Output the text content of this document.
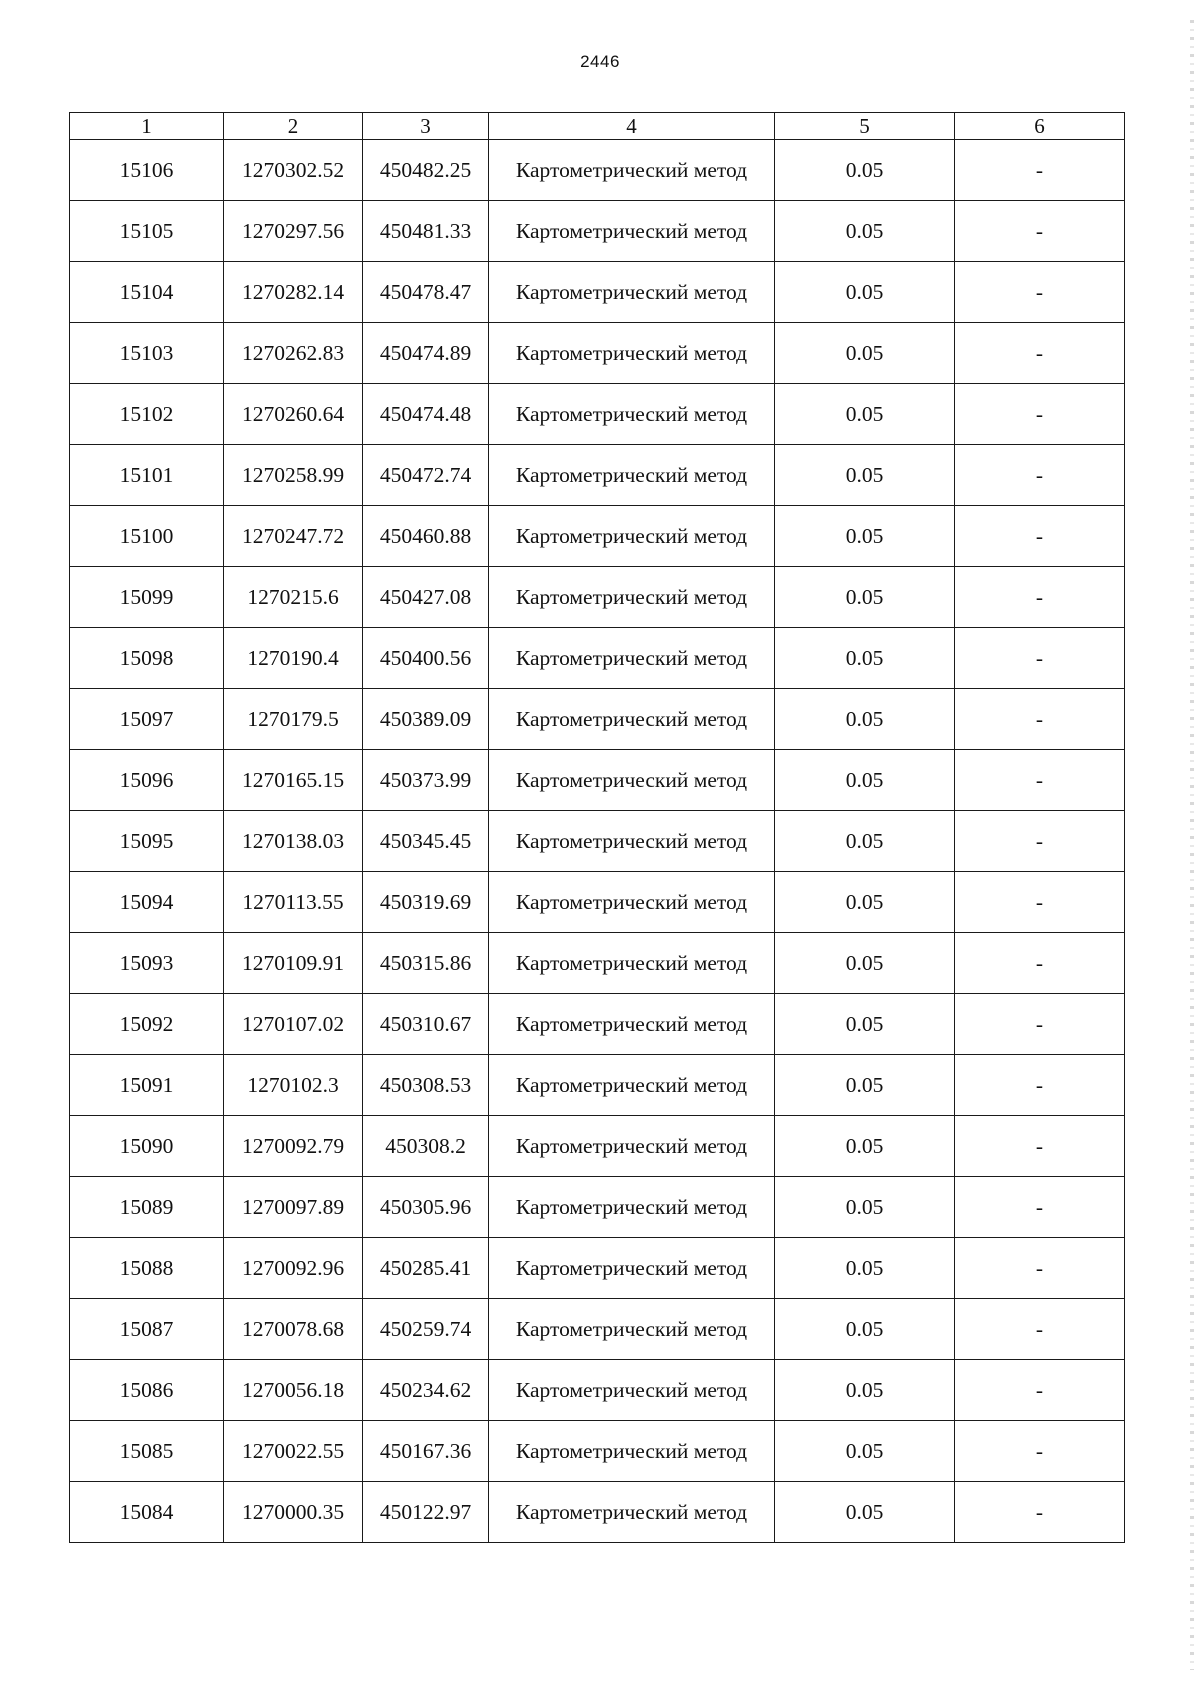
2446
1	2	3	4	5	6
15106	1270302.52	450482.25	Картометрический метод	0.05	-
15105	1270297.56	450481.33	Картометрический метод	0.05	-
15104	1270282.14	450478.47	Картометрический метод	0.05	-
15103	1270262.83	450474.89	Картометрический метод	0.05	-
15102	1270260.64	450474.48	Картометрический метод	0.05	-
15101	1270258.99	450472.74	Картометрический метод	0.05	-
15100	1270247.72	450460.88	Картометрический метод	0.05	-
15099	1270215.6	450427.08	Картометрический метод	0.05	-
15098	1270190.4	450400.56	Картометрический метод	0.05	-
15097	1270179.5	450389.09	Картометрический метод	0.05	-
15096	1270165.15	450373.99	Картометрический метод	0.05	-
15095	1270138.03	450345.45	Картометрический метод	0.05	-
15094	1270113.55	450319.69	Картометрический метод	0.05	-
15093	1270109.91	450315.86	Картометрический метод	0.05	-
15092	1270107.02	450310.67	Картометрический метод	0.05	-
15091	1270102.3	450308.53	Картометрический метод	0.05	-
15090	1270092.79	450308.2	Картометрический метод	0.05	-
15089	1270097.89	450305.96	Картометрический метод	0.05	-
15088	1270092.96	450285.41	Картометрический метод	0.05	-
15087	1270078.68	450259.74	Картометрический метод	0.05	-
15086	1270056.18	450234.62	Картометрический метод	0.05	-
15085	1270022.55	450167.36	Картометрический метод	0.05	-
15084	1270000.35	450122.97	Картометрический метод	0.05	-
